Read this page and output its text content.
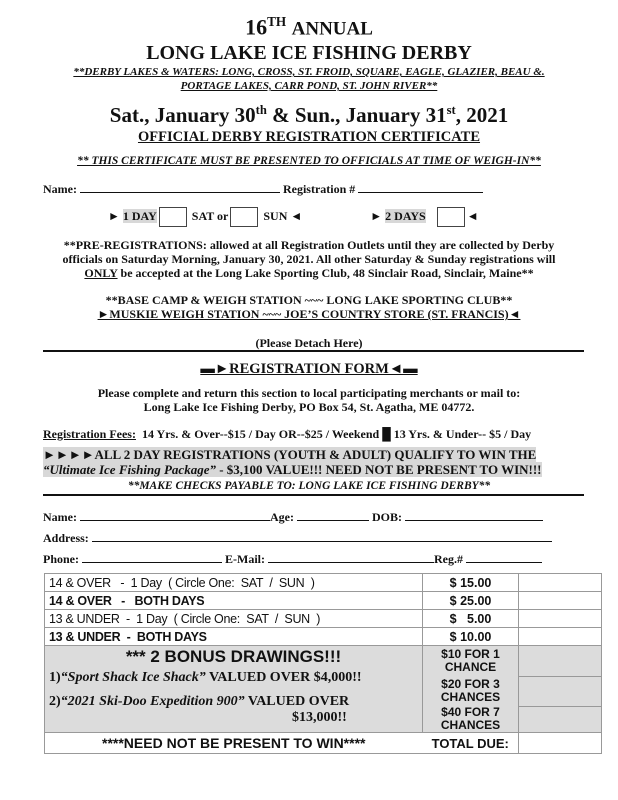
16TH ANNUAL
LONG LAKE ICE FISHING DERBY
**DERBY LAKES & WATERS: LONG, CROSS, ST. FROID, SQUARE, EAGLE, GLAZIER, BEAU &.
PORTAGE LAKES, CARR POND, ST. JOHN RIVER**
Sat., January 30th & Sun., January 31st, 2021
OFFICIAL DERBY REGISTRATION CERTIFICATE
** THIS CERTIFICATE MUST BE PRESENTED TO OFFICIALS AT TIME OF WEIGH-IN**
Name:	Registration #
► 1 DAY	SAT or	SUN ◄	► 2 DAYS	◄
**PRE-REGISTRATIONS: allowed at all Registration Outlets until they are collected by Derby
officials on Saturday Morning, January 30, 2021. All other Saturday & Sunday registrations will
ONLY be accepted at the Long Lake Sporting Club, 48 Sinclair Road, Sinclair, Maine**
**BASE CAMP & WEIGH STATION ~~~ LONG LAKE SPORTING CLUB**
►MUSKIE WEIGH STATION ~~~ JOE’S COUNTRY STORE (ST. FRANCIS)◄
(Please Detach Here)
▬►REGISTRATION FORM◄▬
Please complete and return this section to local participating merchants or mail to:
Long Lake Ice Fishing Derby, PO Box 54, St. Agatha, ME 04772.
Registration Fees: 14 Yrs. & Over--$15 / Day OR--$25 / Weekend █ 13 Yrs. & Under-- $5 / Day
►►►►ALL 2 DAY REGISTRATIONS (YOUTH & ADULT) QUALIFY TO WIN THE
“Ultimate Ice Fishing Package” - $3,100 VALUE!!! NEED NOT BE PRESENT TO WIN!!!
**MAKE CHECKS PAYABLE TO: LONG LAKE ICE FISHING DERBY**
Name:	Age:	DOB:
Address:
Phone:	E-Mail:	Reg.#
14 & OVER   -  1 Day  ( Circle One:  SAT  /  SUN  )	$ 15.00	
14 & OVER   -   BOTH DAYS	$ 25.00	
13 & UNDER  -  1 Day  ( Circle One:  SAT  /  SUN  )	$   5.00	
13 & UNDER  -  BOTH DAYS	$ 10.00	

*** 2 BONUS DRAWINGS!!!
1)“Sport Shack Ice Shack” VALUED OVER $4,000!!
2)“2021 Ski-Doo Expedition 900” VALUED OVER
$13,000!!	$10 FOR 1 CHANCE	
	$20 FOR 3 CHANCES	
	$40 FOR 7 CHANCES	
****NEED NOT BE PRESENT TO WIN****	TOTAL DUE:	
